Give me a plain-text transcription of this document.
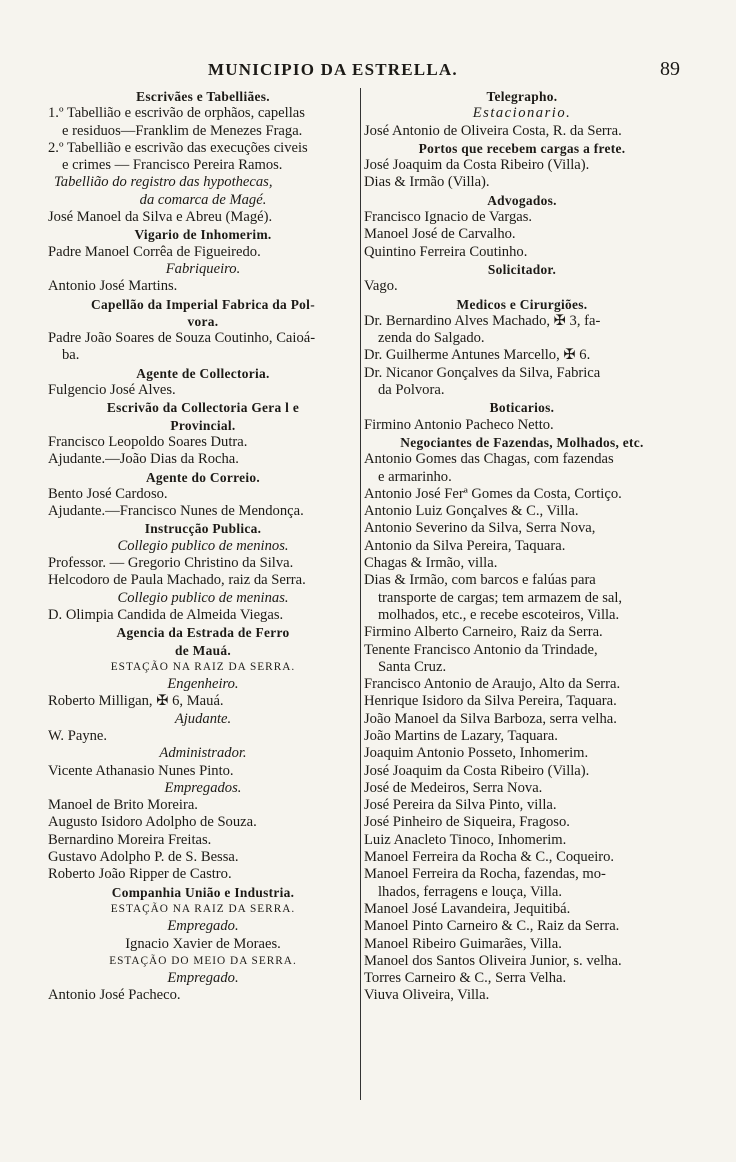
MUNICIPIO DA ESTRELLA.	89
Escrivães e Tabelliães.
1.º Tabellião e escrivão de orphãos, capellas
e residuos—Franklim de Menezes Fraga.
2.º Tabellião e escrivão das execuções civeis
e crimes — Francisco Pereira Ramos.
Tabellião do registro das hypothecas,
da comarca de Magé.
José Manoel da Silva e Abreu (Magé).
Vigario de Inhomerim.
Padre Manoel Corrêa de Figueiredo.
Fabriqueiro.
Antonio José Martins.
Capellão da Imperial Fabrica da Pol-
vora.
Padre João Soares de Souza Coutinho, Caioá-
ba.
Agente de Collectoria.
Fulgencio José Alves.
Escrivão da Collectoria Gera l e
Provincial.
Francisco Leopoldo Soares Dutra.
Ajudante.—João Dias da Rocha.
Agente do Correio.
Bento José Cardoso.
Ajudante.—Francisco Nunes de Mendonça.
Instrucção Publica.
Collegio publico de meninos.
Professor. — Gregorio Christino da Silva.
Helcodoro de Paula Machado, raiz da Serra.
Collegio publico de meninas.
D. Olimpia Candida de Almeida Viegas.
Agencia da Estrada de Ferro
de Mauá.
ESTAÇÃO NA RAIZ DA SERRA.
Engenheiro.
Roberto Milligan, ✠ 6, Mauá.
Ajudante.
W. Payne.
Administrador.
Vicente Athanasio Nunes Pinto.
Empregados.
Manoel de Brito Moreira.
Augusto Isidoro Adolpho de Souza.
Bernardino Moreira Freitas.
Gustavo Adolpho P. de S. Bessa.
Roberto João Ripper de Castro.
Companhia União e Industria.
ESTAÇÃO NA RAIZ DA SERRA.
Empregado.
Ignacio Xavier de Moraes.
ESTAÇÃO DO MEIO DA SERRA.
Empregado.
Antonio José Pacheco.
Telegrapho.
Estacionario.
José Antonio de Oliveira Costa, R. da Serra.
Portos que recebem cargas a frete.
José Joaquim da Costa Ribeiro (Villa).
Dias & Irmão (Villa).
Advogados.
Francisco Ignacio de Vargas.
Manoel José de Carvalho.
Quintino Ferreira Coutinho.
Solicitador.
Vago.
Medicos e Cirurgiões.
Dr. Bernardino Alves Machado, ✠ 3, fa-
zenda do Salgado.
Dr. Guilherme Antunes Marcello, ✠ 6.
Dr. Nicanor Gonçalves da Silva, Fabrica
da Polvora.
Boticarios.
Firmino Antonio Pacheco Netto.
Negociantes de Fazendas, Molhados, etc.
Antonio Gomes das Chagas, com fazendas
e armarinho.
Antonio José Ferª Gomes da Costa, Cortiço.
Antonio Luiz Gonçalves & C., Villa.
Antonio Severino da Silva, Serra Nova,
Antonio da Silva Pereira, Taquara.
Chagas & Irmão, villa.
Dias & Irmão, com barcos e falúas para
transporte de cargas; tem armazem de sal,
molhados, etc., e recebe escoteiros, Villa.
Firmino Alberto Carneiro, Raiz da Serra.
Tenente Francisco Antonio da Trindade,
Santa Cruz.
Francisco Antonio de Araujo, Alto da Serra.
Henrique Isidoro da Silva Pereira, Taquara.
João Manoel da Silva Barboza, serra velha.
João Martins de Lazary, Taquara.
Joaquim Antonio Posseto, Inhomerim.
José Joaquim da Costa Ribeiro (Villa).
José de Medeiros, Serra Nova.
José Pereira da Silva Pinto, villa.
José Pinheiro de Siqueira, Fragoso.
Luiz Anacleto Tinoco, Inhomerim.
Manoel Ferreira da Rocha & C., Coqueiro.
Manoel Ferreira da Rocha, fazendas, mo-
lhados, ferragens e louça, Villa.
Manoel José Lavandeira, Jequitibá.
Manoel Pinto Carneiro & C., Raiz da Serra.
Manoel Ribeiro Guimarães, Villa.
Manoel dos Santos Oliveira Junior, s. velha.
Torres Carneiro & C., Serra Velha.
Viuva Oliveira, Villa.
